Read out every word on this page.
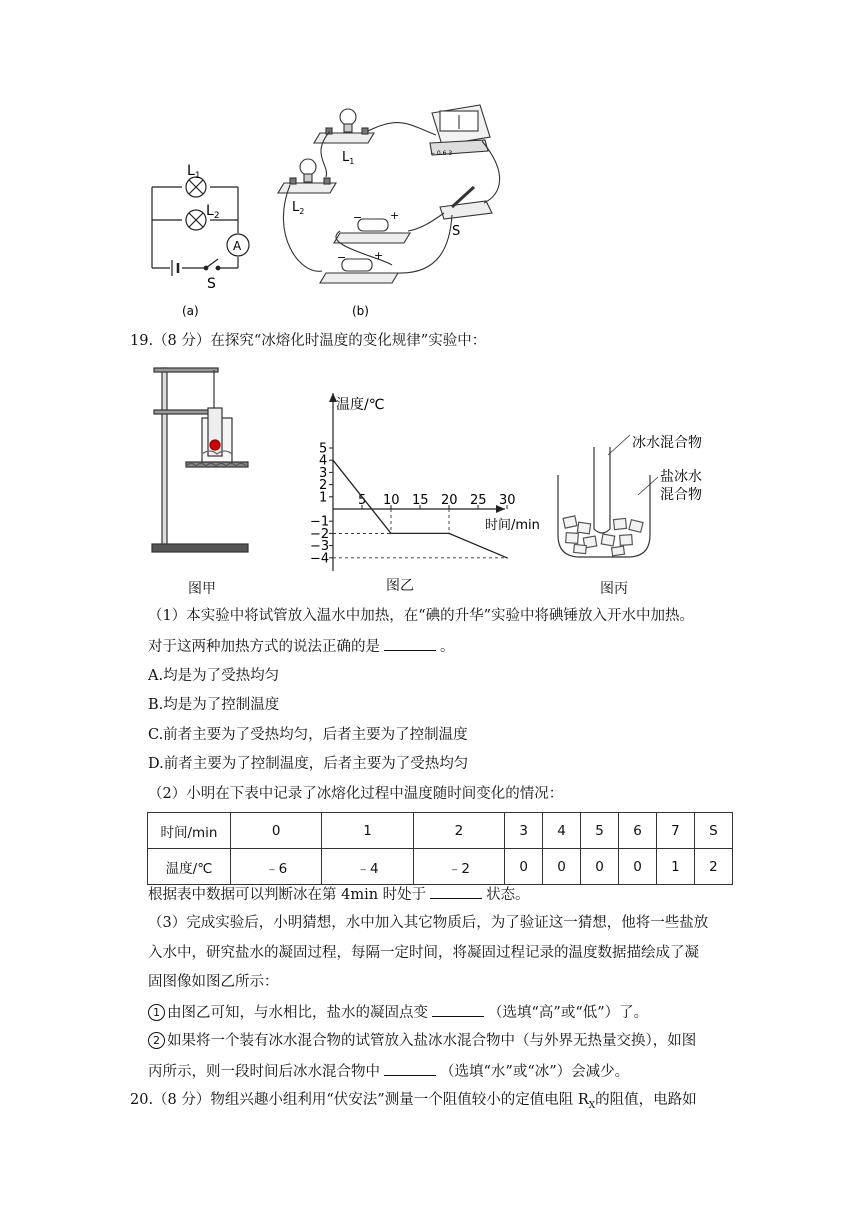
$L_1$
$L_2$
A
S
(a)
$L_1$
$L_2$
S
− 0.6 3
−	+
−	+
(b)
19.（8 分）在探究“冰熔化时温度的变化规律”实验中：
图甲
温度/℃
时间/min
5
4
3
2
1
−1
−2
−3
−4
5 10 15 20 25 30
图乙
冰水混合物
盐冰水
混合物
图丙
（1）本实验中将试管放入温水中加热，在“碘的升华”实验中将碘锤放入开水中加热。
对于这两种加热方式的说法正确的是	。
A.均是为了受热均匀
B.均是为了控制温度
C.前者主要为了受热均匀，后者主要为了控制温度
D.前者主要为了控制温度，后者主要为了受热均匀
（2）小明在下表中记录了冰熔化过程中温度随时间变化的情况：
时间/min	0	1	2	3	4	5	6	7	S
温度/℃	﹣6	﹣4	﹣2	0	0	0	0	1	2
根据表中数据可以判断冰在第 4min 时处于	状态。
（3）完成实验后，小明猜想，水中加入其它物质后，为了验证这一猜想，他将一些盐放
入水中，研究盐水的凝固过程，每隔一定时间，将凝固过程记录的温度数据描绘成了凝
固图像如图乙所示：
1 由图乙可知，与水相比，盐水的凝固点变	（选填“高”或“低”）了。
2 如果将一个装有冰水混合物的试管放入盐冰水混合物中（与外界无热量交换），如图
丙所示，则一段时间后冰水混合物中	（选填“水”或“冰”）会减少。
20.（8 分）物组兴趣小组利用“伏安法”测量一个阻值较小的定值电阻 $R_X$的阻值，电路如
